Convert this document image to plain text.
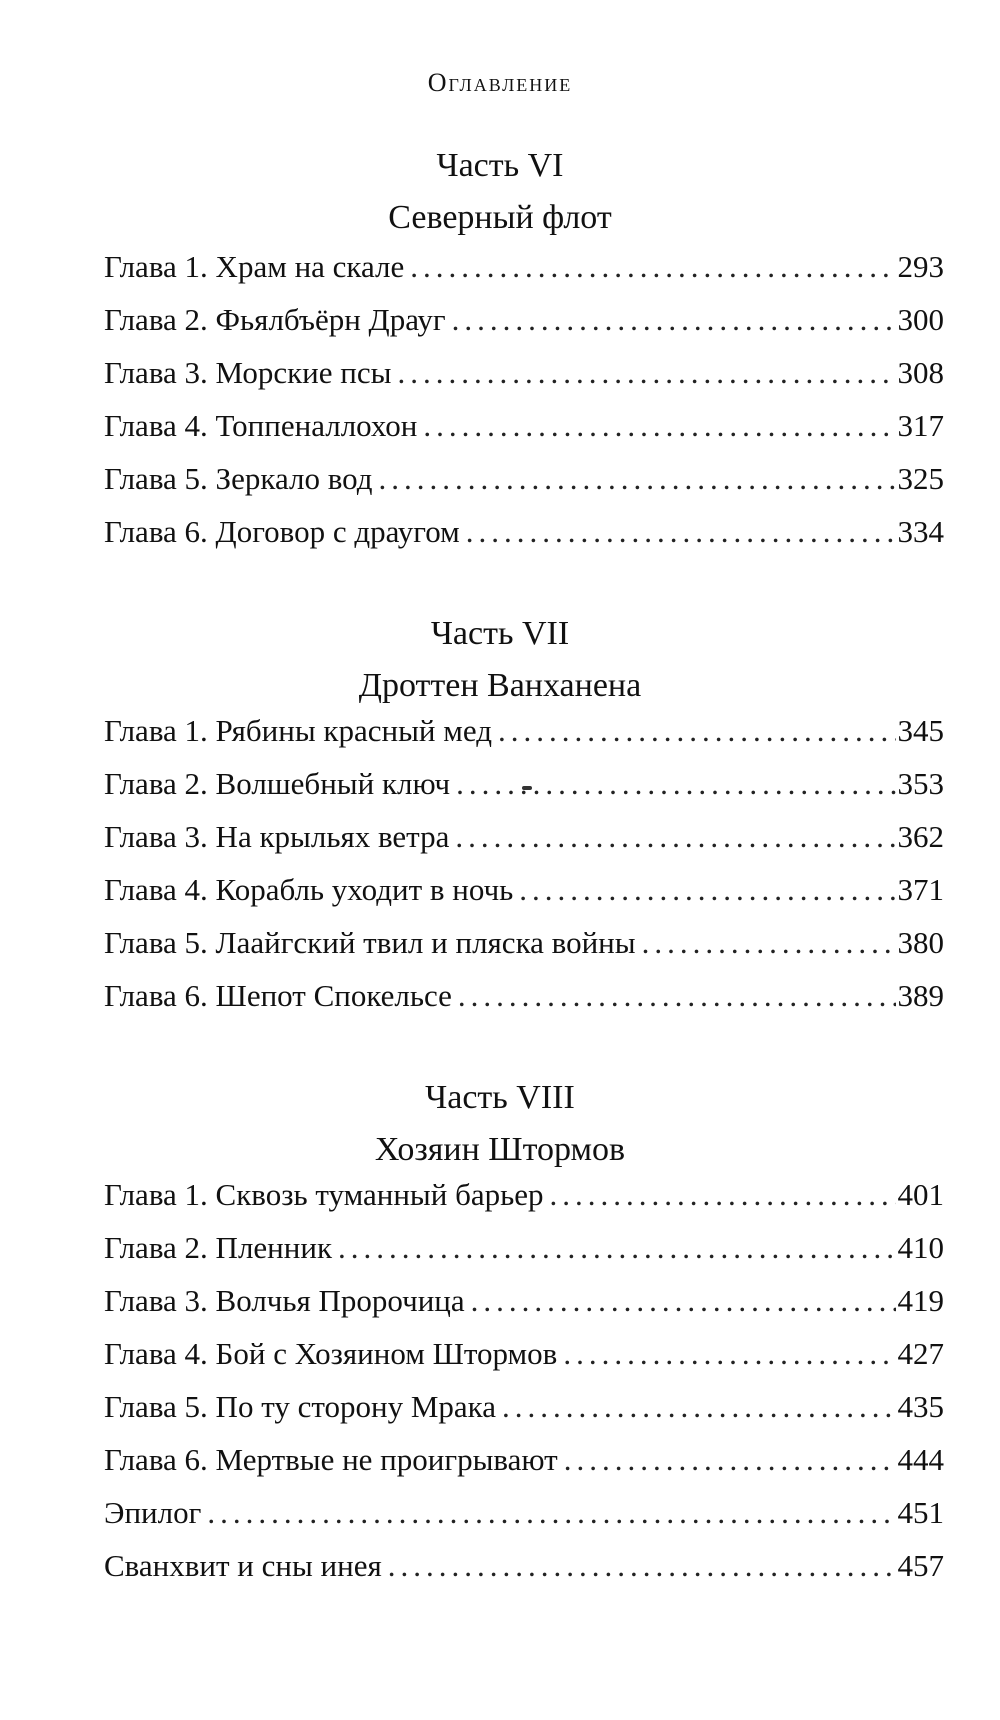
Оглавление
Часть VI
Северный флот
Глава 1. Храм на скале .....	293
Глава 2. Фьялбъёрн Драуг .....	300
Глава 3. Морские псы .....	308
Глава 4. Топпеналлохон .....	317
Глава 5. Зеркало вод .....	325
Глава 6. Договор с драугом .....	334
Часть VII
Дроттен Ванханена
Глава 1. Рябины красный мед .....	345
Глава 2. Волшебный ключ .....	353
Глава 3. На крыльях ветра .....	362
Глава 4. Корабль уходит в ночь .....	371
Глава 5. Лаайгский твил и пляска войны .....	380
Глава 6. Шепот Спокельсе .....	389
Часть VIII
Хозяин Штормов
Глава 1. Сквозь туманный барьер .....	401
Глава 2. Пленник .....	410
Глава 3. Волчья Пророчица .....	419
Глава 4. Бой с Хозяином Штормов .....	427
Глава 5. По ту сторону Мрака .....	435
Глава 6. Мертвые не проигрывают .....	444
Эпилог .....	451
Сванхвит и сны инея .....	457
